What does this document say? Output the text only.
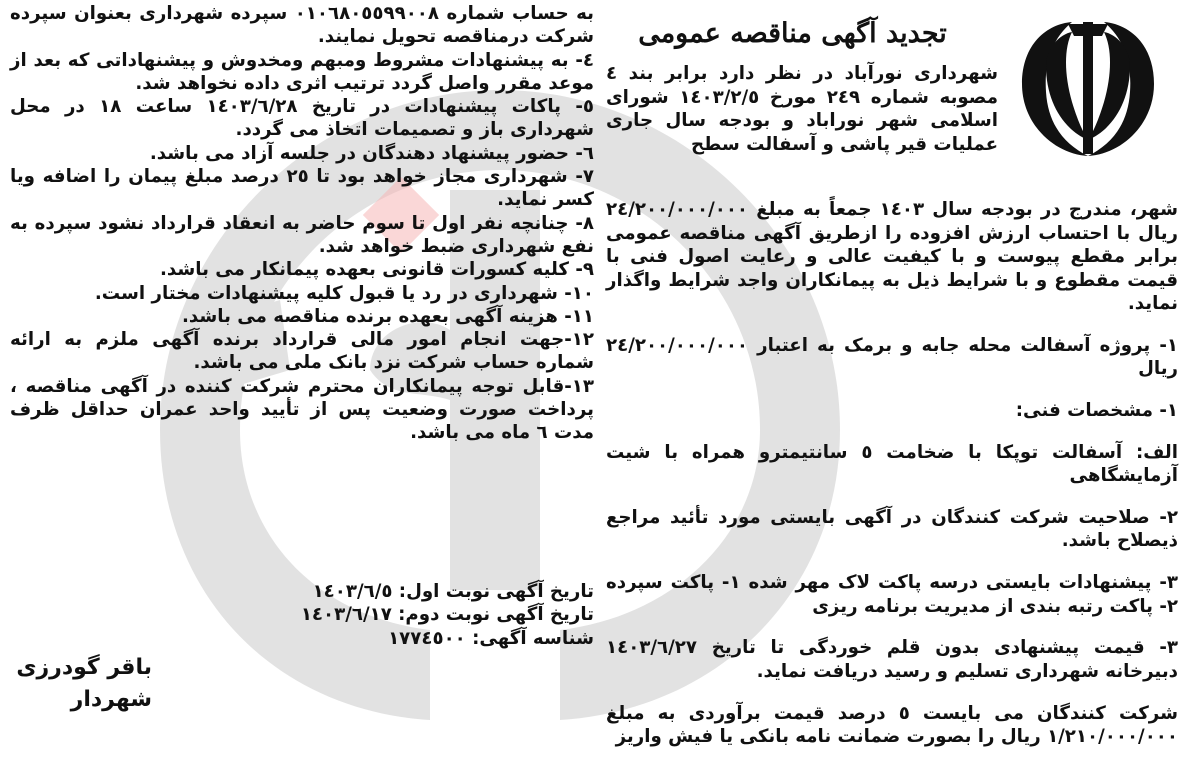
تجدید آگهی مناقصه عمومی
شهرداری نورآباد در نظر دارد برابر بند ٤ مصوبه شماره ٢٤٩ مورخ ١٤٠٣/٢/٥ شورای اسلامی شهر نوراباد و بودجه سال جاری عملیات قیر پاشی و آسفالت سطح

شهر، مندرج در بودجه سال ١٤٠٣ جمعاً به مبلغ ٢٤/٢٠٠/٠٠٠/٠٠٠ ریال با احتساب ارزش افزوده را ازطریق آگهی مناقصه عمومی برابر مقطع پیوست و با کیفیت عالی و رعایت اصول فنی با قیمت مقطوع و با شرایط ذیل به پیمانکاران واجد شرایط واگذار نماید.

١- پروژه آسفالت محله جابه و برمک به اعتبار ٢٤/٢٠٠/٠٠٠/٠٠٠ ریال

١- مشخصات فنی:

الف: آسفالت توپکا با ضخامت ٥ سانتیمترو همراه با شیت آزمایشگاهی

٢- صلاحیت شرکت کنندگان در آگهی بایستی مورد تأئید مراجع ذیصلاح باشد.

٣- پیشنهادات بایستی درسه پاکت لاک مهر شده ١- پاکت سپرده ٢- پاکت رتبه بندی از مدیریت برنامه ریزی

٣- قیمت پیشنهادی بدون قلم خوردگی تا تاریخ ١٤٠٣/٦/٢٧ دبیرخانه شهرداری تسلیم و رسید دریافت نماید.

شرکت کنندگان می بایست ٥ درصد قیمت برآوردی به مبلغ ١/٢١٠/٠٠٠/٠٠٠ ریال را بصورت ضمانت نامه بانکی یا فیش واریز

به حساب شماره ٠١٠٦٨٠٥٥٩٩٠٠٨ سپرده شهرداری بعنوان سپرده شرکت درمناقصه تحویل نمایند.

٤- به پیشنهادات مشروط ومبهم ومخدوش و پیشنهاداتی که بعد از موعد مقرر واصل گردد ترتیب اثری داده نخواهد شد.

٥- پاکات پیشنهادات در تاریخ ١٤٠٣/٦/٢٨ ساعت ١٨ در محل شهرداری باز و تصمیمات اتخاذ می گردد.

٦- حضور پیشنهاد دهندگان در جلسه آزاد می باشد.

٧- شهرداری مجاز خواهد بود تا ٢٥ درصد مبلغ پیمان را اضافه ویا کسر نماید.

٨- چنانچه نفر اول تا سوم حاضر به انعقاد قرارداد نشود سپرده به نفع شهرداری ضبط خواهد شد.

٩- کلیه کسورات قانونی بعهده پیمانکار می باشد.

١٠- شهرداری در رد یا قبول کلیه پیشنهادات مختار است.

١١- هزینه آگهی بعهده برنده مناقصه می باشد.

١٢-جهت انجام امور مالی قرارداد برنده آگهی ملزم به ارائه شماره حساب شرکت نزد بانک ملی می باشد.

١٣-قابل توجه پیمانکاران محترم شرکت کننده در آگهی مناقصه ، پرداخت صورت وضعیت پس از تأیید واحد عمران حداقل ظرف مدت ٦ ماه می باشد.

تاریخ آگهی نوبت اول: ١٤٠٣/٦/٥

تاریخ آگهی نوبت دوم: ١٤٠٣/٦/١٧

شناسه آگهی: ١٧٧٤٥٠٠

باقر گودرزی
شهردار
